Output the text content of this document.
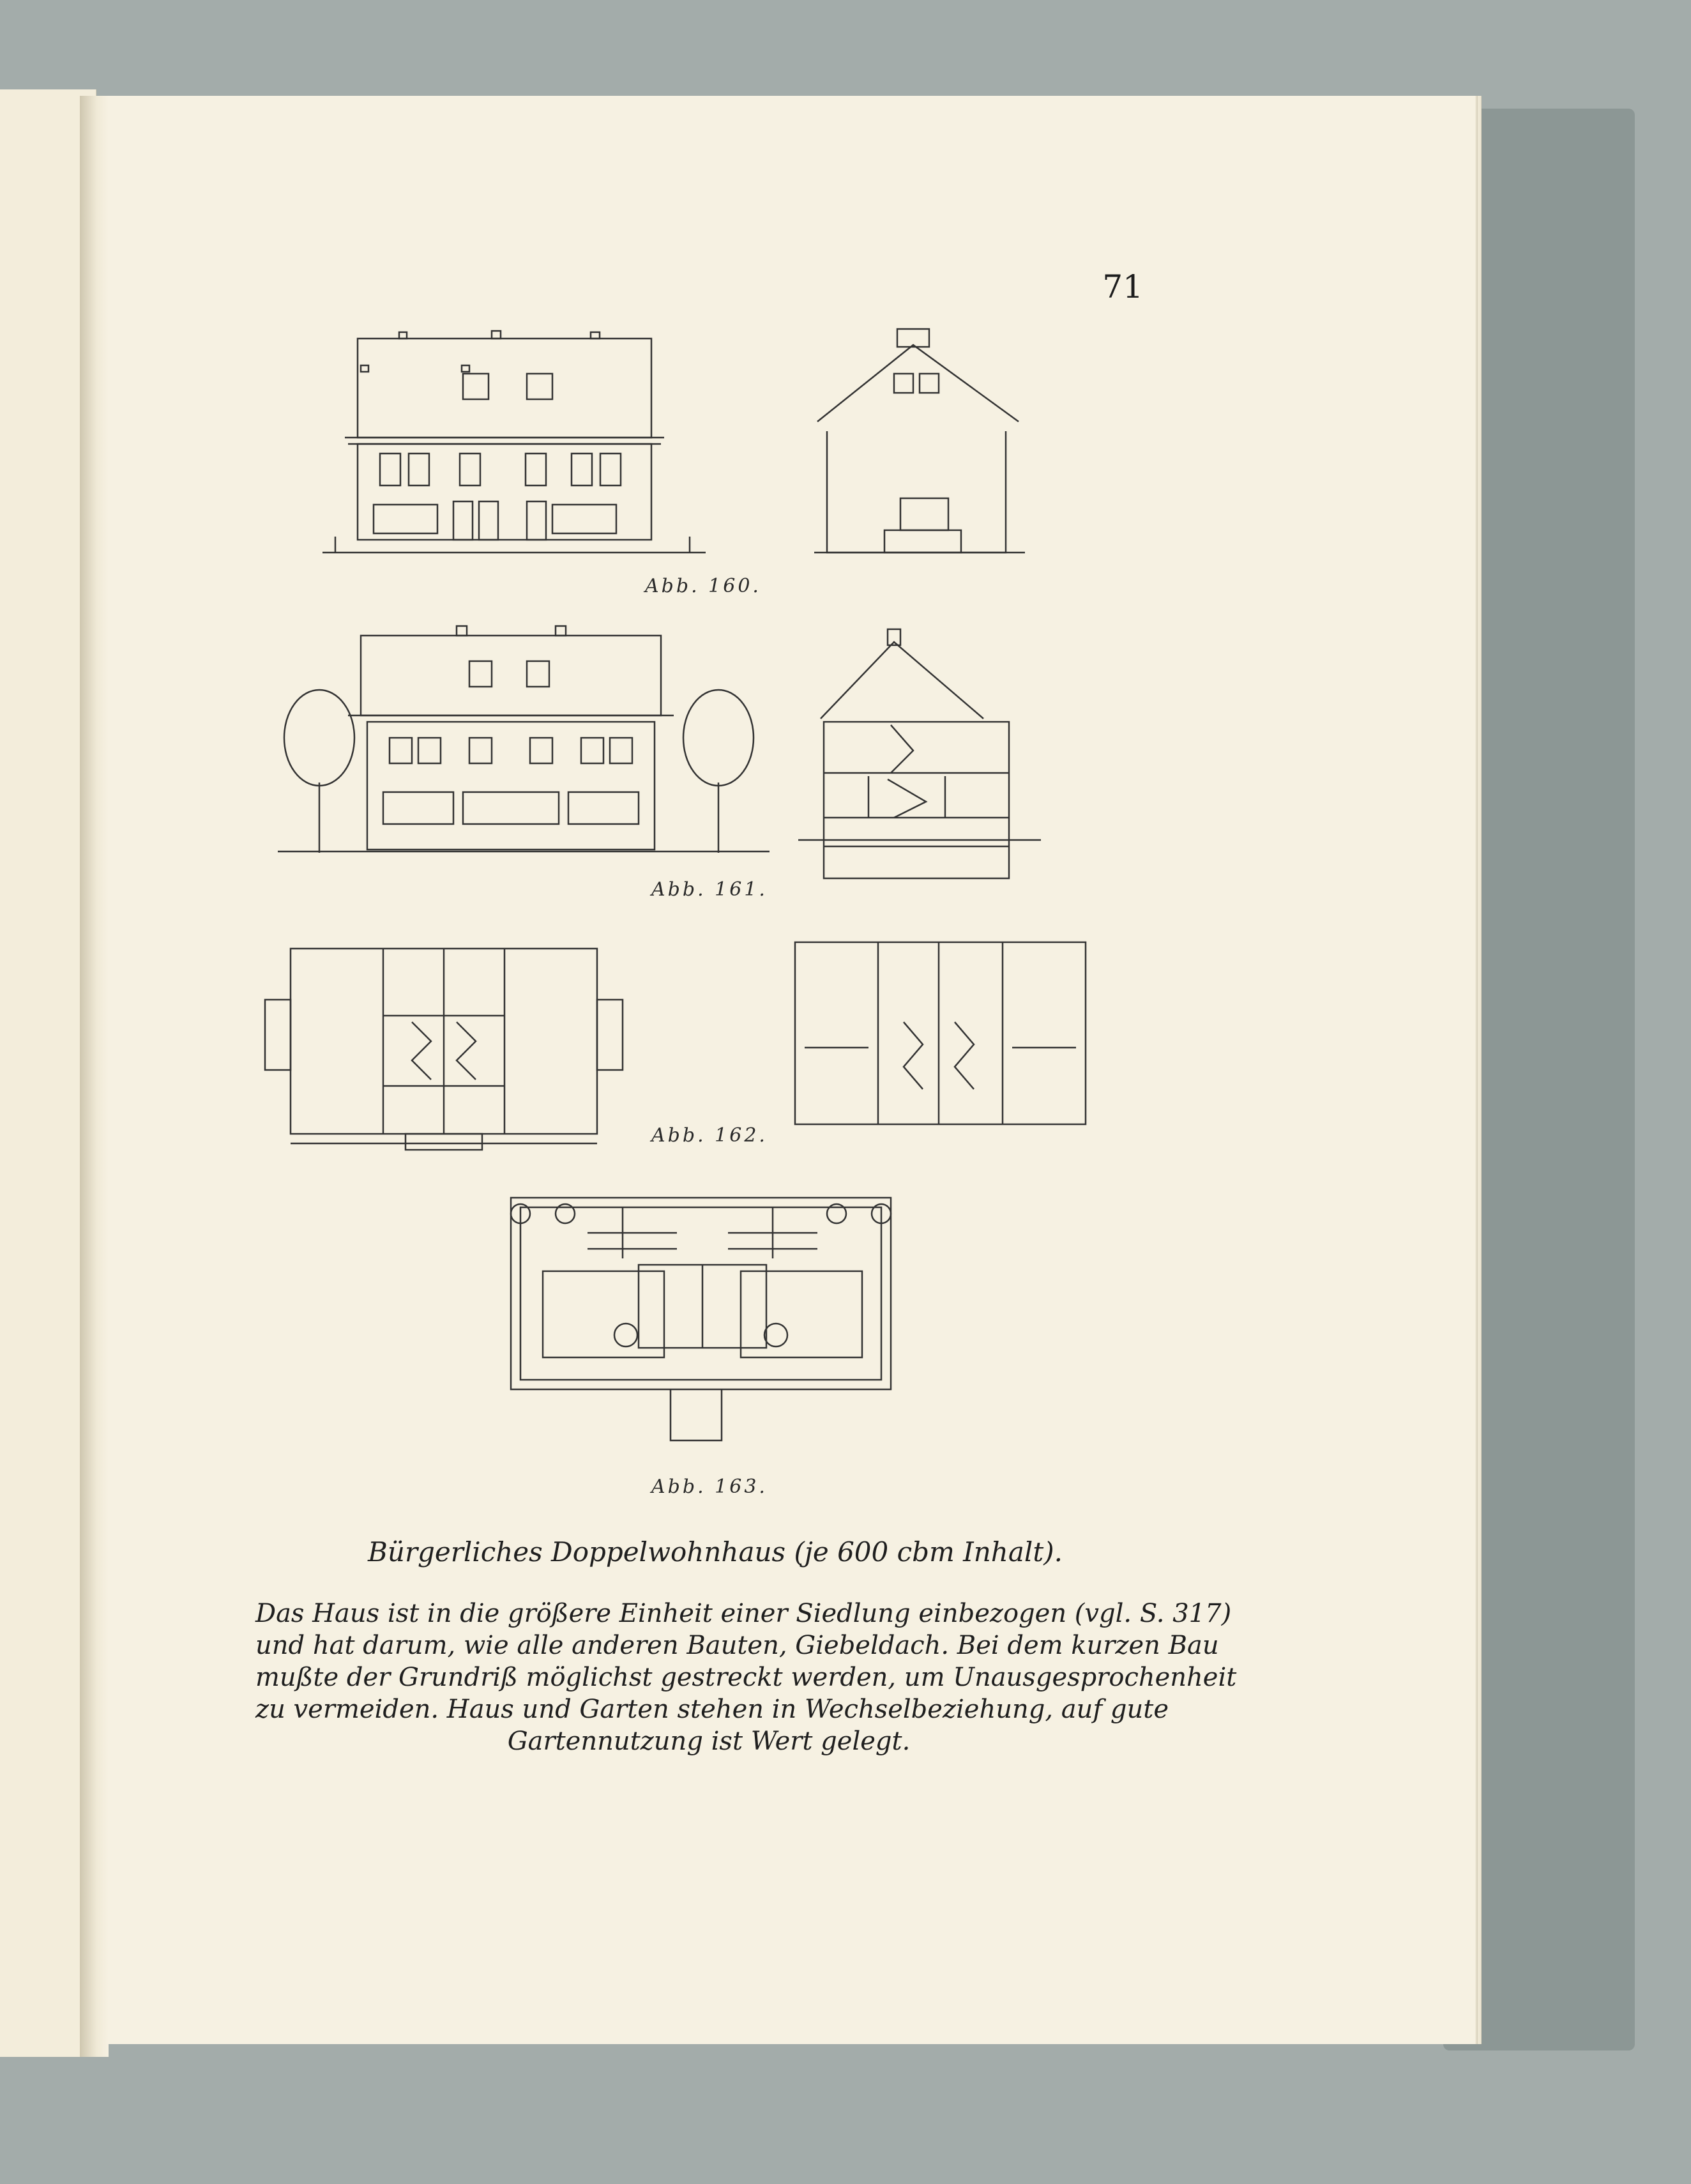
71
Abb. 160.
Abb. 161.
Abb. 162.
Abb. 163.
Bürgerliches Doppelwohnhaus (je 600 cbm Inhalt).
Das Haus ist in die größere Einheit einer Siedlung einbezogen (vgl. S. 317)
und hat darum, wie alle anderen Bauten, Giebeldach. Bei dem kurzen Bau
mußte der Grundriß möglichst gestreckt werden, um Unausgesprochenheit
zu vermeiden. Haus und Garten stehen in Wechselbeziehung, auf gute
Gartennutzung ist Wert gelegt.
